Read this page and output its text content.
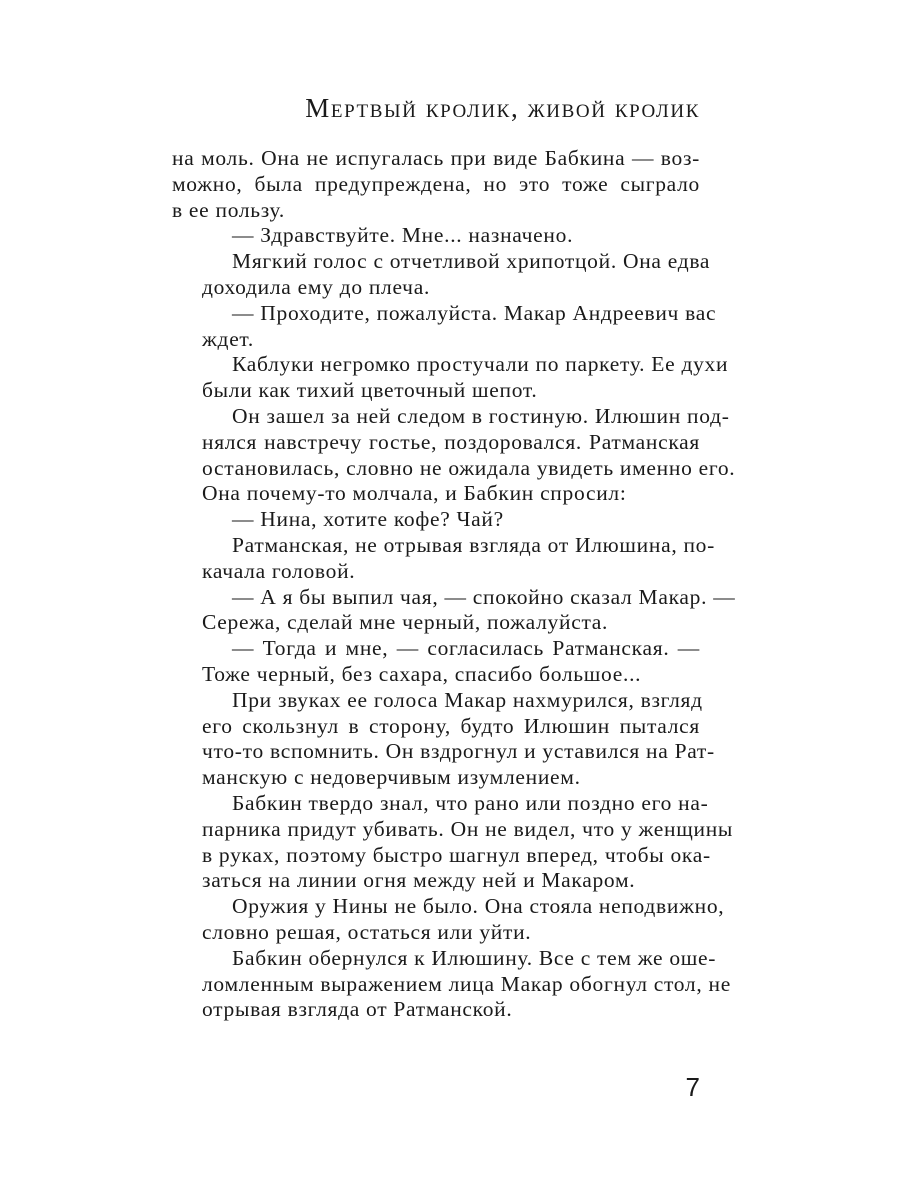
Мертвый кролик, живой кролик
на моль. Она не испугалась при виде Бабкина — воз-
можно, была предупреждена, но это тоже сыграло
в ее пользу.
— Здравствуйте. Мне... назначено.
Мягкий голос с отчетливой хрипотцой. Она едва
доходила ему до плеча.
— Проходите, пожалуйста. Макар Андреевич вас
ждет.
Каблуки негромко простучали по паркету. Ее духи
были как тихий цветочный шепот.
Он зашел за ней следом в гостиную. Илюшин под-
нялся навстречу гостье, поздоровался. Ратманская
остановилась, словно не ожидала увидеть именно его.
Она почему-то молчала, и Бабкин спросил:
— Нина, хотите кофе? Чай?
Ратманская, не отрывая взгляда от Илюшина, по-
качала головой.
— А я бы выпил чая, — спокойно сказал Макар. —
Сережа, сделай мне черный, пожалуйста.
— Тогда и мне, — согласилась Ратманская. —
Тоже черный, без сахара, спасибо большое...
При звуках ее голоса Макар нахмурился, взгляд
его скользнул в сторону, будто Илюшин пытался
что-то вспомнить. Он вздрогнул и уставился на Рат-
манскую с недоверчивым изумлением.
Бабкин твердо знал, что рано или поздно его на-
парника придут убивать. Он не видел, что у женщины
в руках, поэтому быстро шагнул вперед, чтобы ока-
заться на линии огня между ней и Макаром.
Оружия у Нины не было. Она стояла неподвижно,
словно решая, остаться или уйти.
Бабкин обернулся к Илюшину. Все с тем же ошe-
ломленным выражением лица Макар обогнул стол, не
отрывая взгляда от Ратманской.
7
